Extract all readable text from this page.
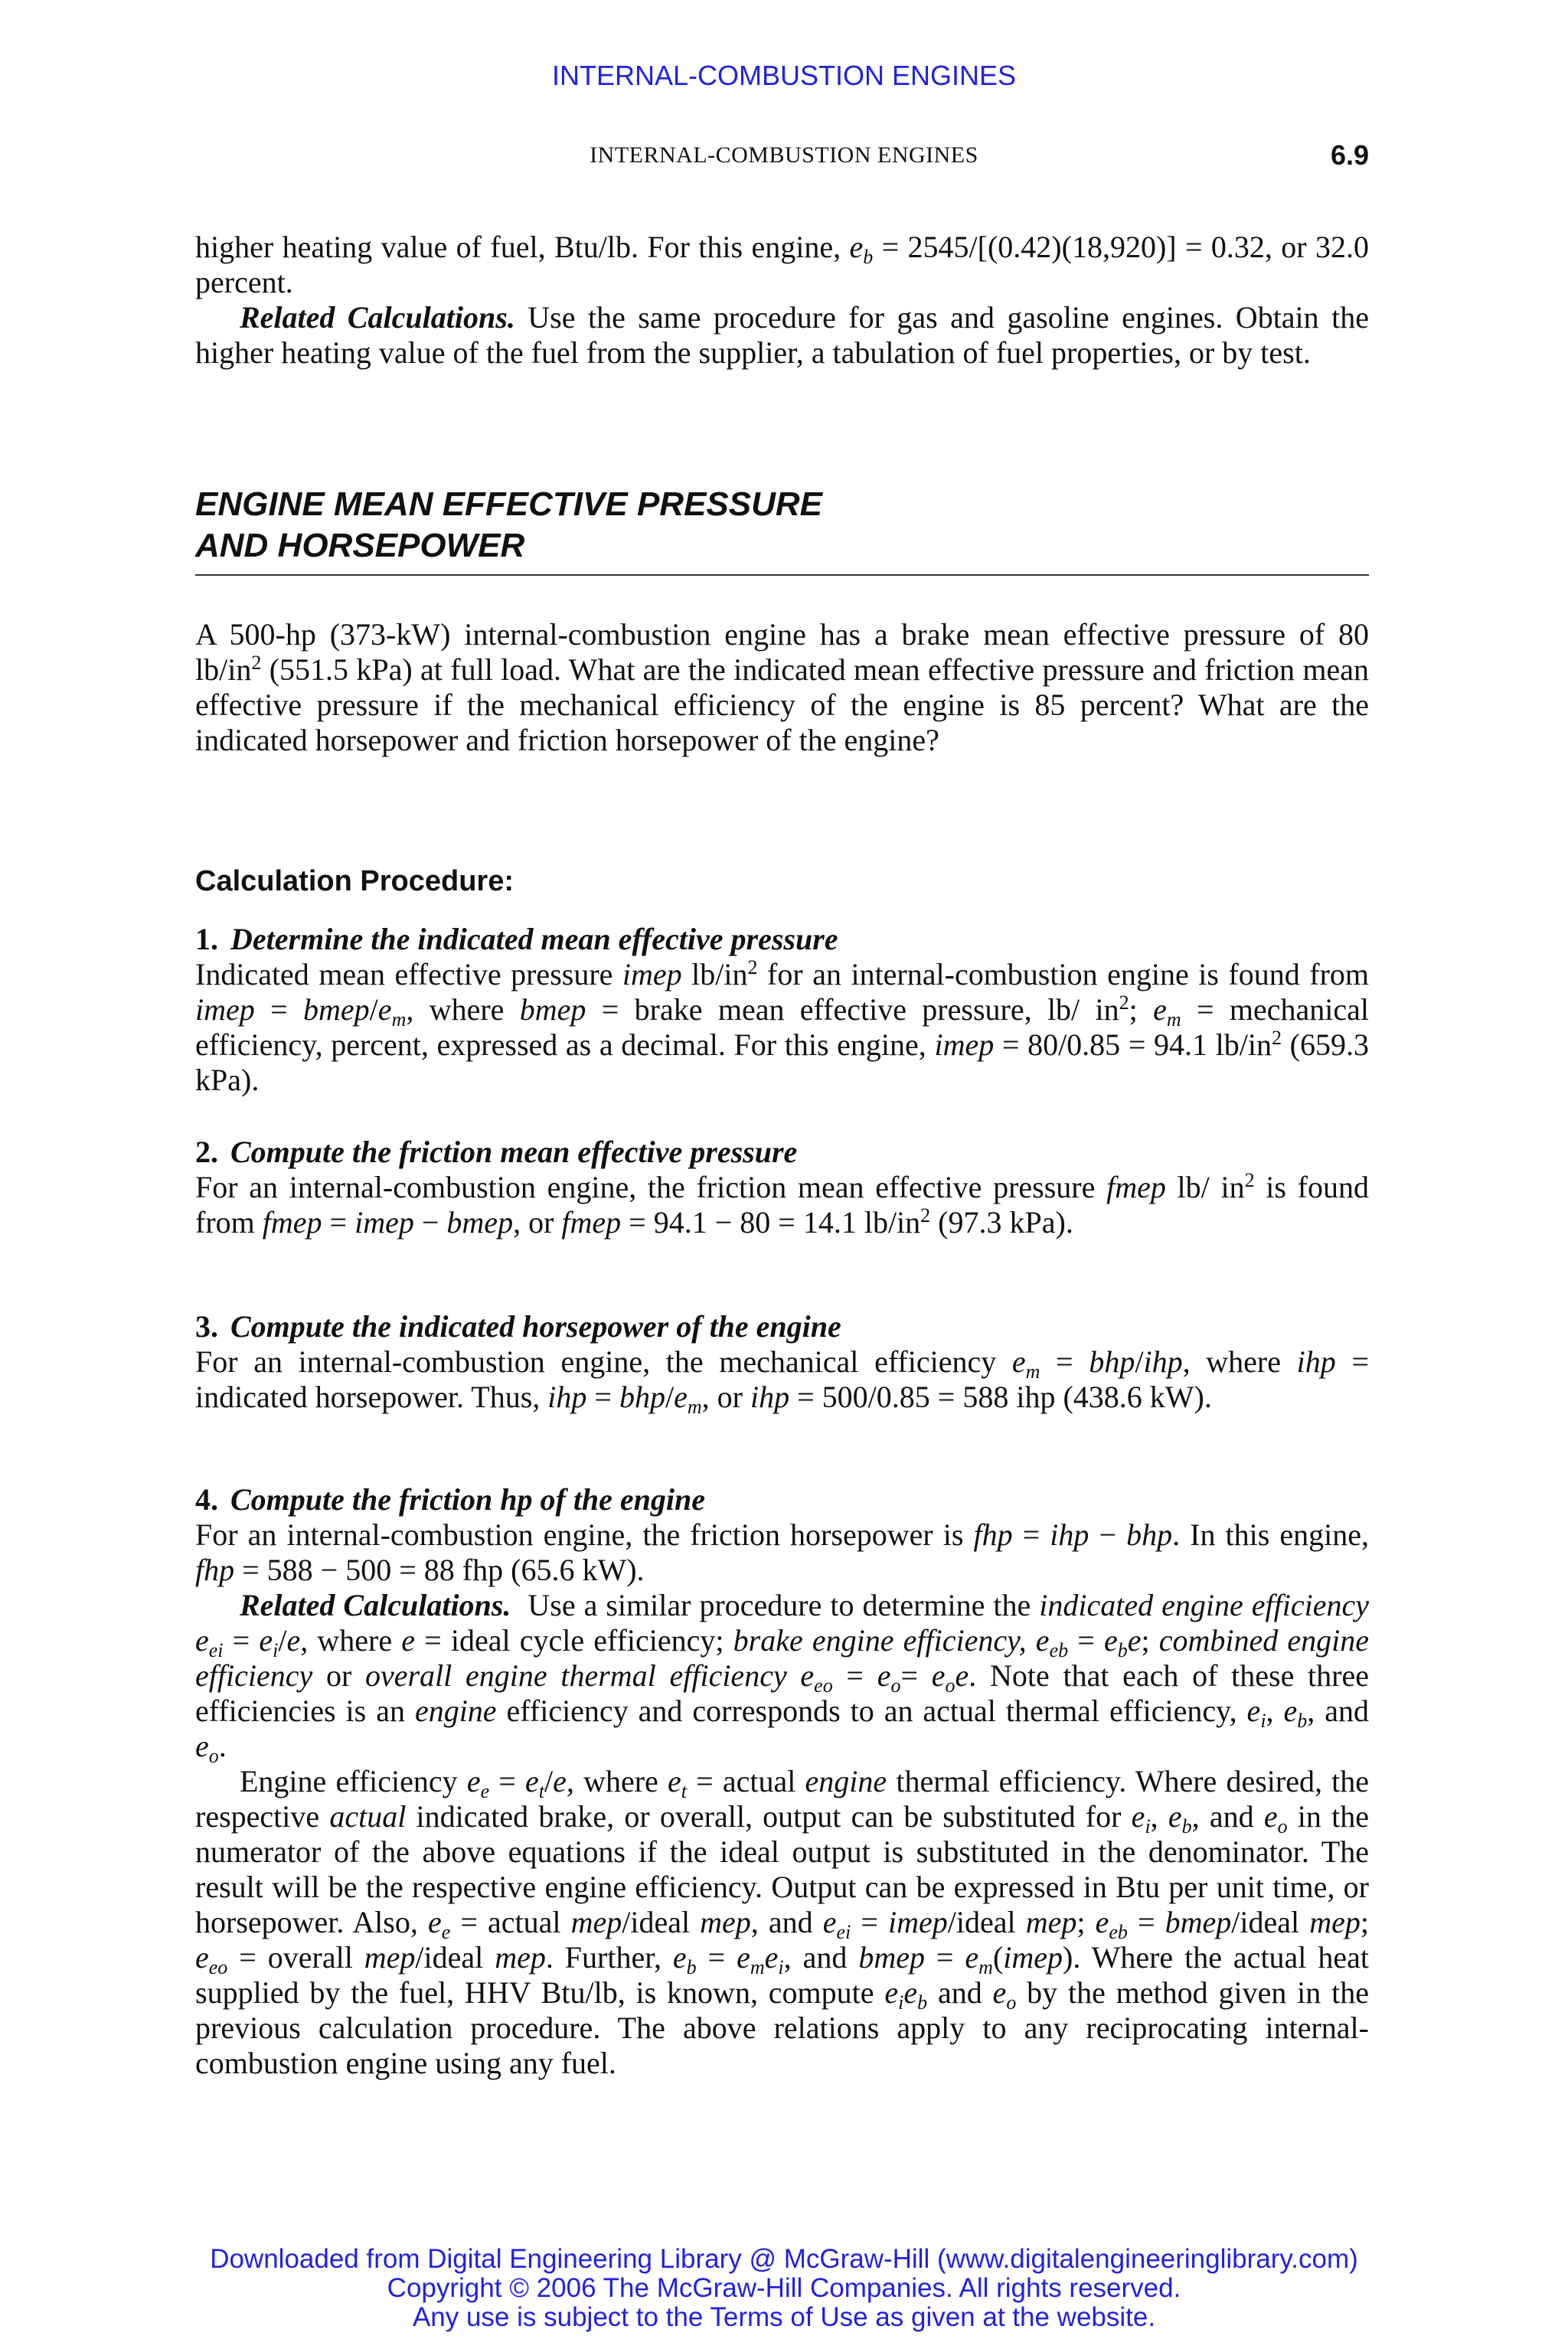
INTERNAL-COMBUSTION ENGINES
INTERNAL-COMBUSTION ENGINES	6.9

higher heating value of fuel, Btu/lb. For this engine, $e_b = 2545/[(0.42)(18,920)] = 0.32$, or 32.0 percent.

Related Calculations. Use the same procedure for gas and gasoline engines. Obtain the higher heating value of the fuel from the supplier, a tabulation of fuel properties, or by test.

ENGINE MEAN EFFECTIVE PRESSURE
AND HORSEPOWER

A 500-hp (373-kW) internal-combustion engine has a brake mean effective pressure of 80 $lb/in^2$ (551.5 kPa) at full load. What are the indicated mean effective pressure and friction mean effective pressure if the mechanical efficiency of the engine is 85 percent? What are the indicated horsepower and friction horsepower of the engine?

Calculation Procedure:

1. Determine the indicated mean effective pressure

Indicated mean effective pressure imep $lb/in^2$ for an internal-combustion engine is found from imep = bmep/$e_m$, where bmep = brake mean effective pressure, lb/ $in^2$; $e_m$ = mechanical efficiency, percent, expressed as a decimal. For this engine, imep = 80/0.85 = 94.1 $lb/in^2$ (659.3 kPa).

2. Compute the friction mean effective pressure

For an internal-combustion engine, the friction mean effective pressure fmep lb/ $in^2$ is found from fmep = imep − bmep, or fmep = 94.1 − 80 = 14.1 $lb/in^2$ (97.3 kPa).

3. Compute the indicated horsepower of the engine

For an internal-combustion engine, the mechanical efficiency $e_m = bhp/ihp$, where ihp = indicated horsepower. Thus, ihp = bhp/$e_m$, or ihp = 500/0.85 = 588 ihp (438.6 kW).

4. Compute the friction hp of the engine

For an internal-combustion engine, the friction horsepower is fhp = ihp − bhp. In this engine, fhp = 588 − 500 = 88 fhp (65.6 kW).

Related Calculations.  Use a similar procedure to determine the indicated engine efficiency $e_{ei} = e_i/e$, where e = ideal cycle efficiency; brake engine efficiency, $e_{eb} = e_be$; combined engine efficiency or overall engine thermal efficiency $e_{eo} = e_o= e_oe$. Note that each of these three efficiencies is an engine efficiency and corresponds to an actual thermal efficiency, $e_i$, $e_b$, and $e_o$.

Engine efficiency $e_e = e_t/e$, where $e_t$ = actual engine thermal efficiency. Where desired, the respective actual indicated brake, or overall, output can be substituted for $e_i$, $e_b$, and $e_o$ in the numerator of the above equations if the ideal output is substituted in the denominator. The result will be the respective engine efficiency. Output can be expressed in Btu per unit time, or horsepower. Also, $e_e$ = actual mep/ideal mep, and $e_{ei}$ = imep/ideal mep; $e_{eb}$ = bmep/ideal mep; $e_{eo}$ = overall mep/ideal mep. Further, $e_b = e_me_i$, and bmep = $e_m(imep)$. Where the actual heat supplied by the fuel, HHV Btu/lb, is known, compute $e_ie_b$ and $e_o$ by the method given in the previous calculation procedure. The above relations apply to any reciprocating internal-combustion engine using any fuel.

Downloaded from Digital Engineering Library @ McGraw-Hill (www.digitalengineeringlibrary.com)
Copyright © 2006 The McGraw-Hill Companies. All rights reserved.
Any use is subject to the Terms of Use as given at the website.
